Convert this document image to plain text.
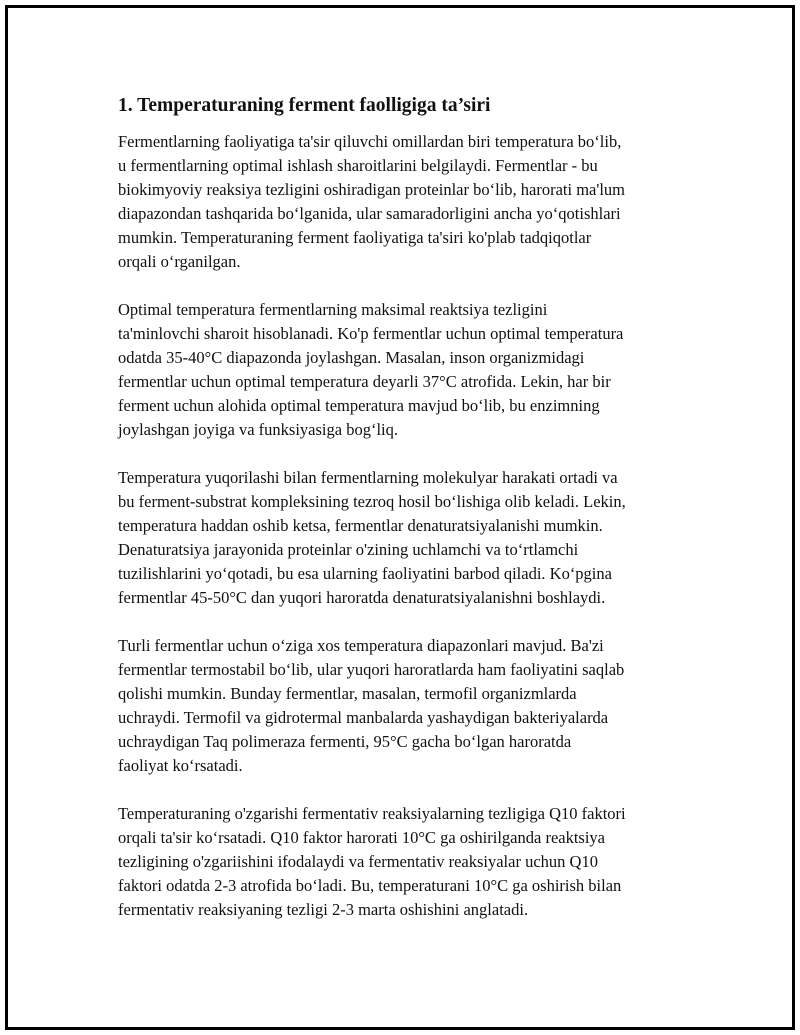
1. Temperaturaning ferment faolligiga ta’siri
Fermentlarning faoliyatiga ta'sir qiluvchi omillardan biri temperatura bo‘lib,
u fermentlarning optimal ishlash sharoitlarini belgilaydi. Fermentlar - bu
biokimyoviy reaksiya tezligini oshiradigan proteinlar bo‘lib, harorati ma'lum
diapazondan tashqarida bo‘lganida, ular samaradorligini ancha yo‘qotishlari
mumkin. Temperaturaning ferment faoliyatiga ta'siri ko'plab tadqiqotlar
orqali o‘rganilgan.
Optimal temperatura fermentlarning maksimal reaktsiya tezligini
ta'minlovchi sharoit hisoblanadi. Ko'p fermentlar uchun optimal temperatura
odatda 35-40°C diapazonda joylashgan. Masalan, inson organizmidagi
fermentlar uchun optimal temperatura deyarli 37°C atrofida. Lekin, har bir
ferment uchun alohida optimal temperatura mavjud bo‘lib, bu enzimning
joylashgan joyiga va funksiyasiga bog‘liq.
Temperatura yuqorilashi bilan fermentlarning molekulyar harakati ortadi va
bu ferment-substrat kompleksining tezroq hosil bo‘lishiga olib keladi. Lekin,
temperatura haddan oshib ketsa, fermentlar denaturatsiyalanishi mumkin.
Denaturatsiya jarayonida proteinlar o'zining uchlamchi va to‘rtlamchi
tuzilishlarini yo‘qotadi, bu esa ularning faoliyatini barbod qiladi. Ko‘pgina
fermentlar 45-50°C dan yuqori haroratda denaturatsiyalanishni boshlaydi.
Turli fermentlar uchun o‘ziga xos temperatura diapazonlari mavjud. Ba'zi
fermentlar termostabil bo‘lib, ular yuqori haroratlarda ham faoliyatini saqlab
qolishi mumkin. Bunday fermentlar, masalan, termofil organizmlarda
uchraydi. Termofil va gidrotermal manbalarda yashaydigan bakteriyalarda
uchraydigan Taq polimeraza fermenti, 95°C gacha bo‘lgan haroratda
faoliyat ko‘rsatadi.
Temperaturaning o'zgarishi fermentativ reaksiyalarning tezligiga Q10 faktori
orqali ta'sir ko‘rsatadi. Q10 faktor harorati 10°C ga oshirilganda reaktsiya
tezligining o'zgariishini ifodalaydi va fermentativ reaksiyalar uchun Q10
faktori odatda 2-3 atrofida bo‘ladi. Bu, temperaturani 10°C ga oshirish bilan
fermentativ reaksiyaning tezligi 2-3 marta oshishini anglatadi.
